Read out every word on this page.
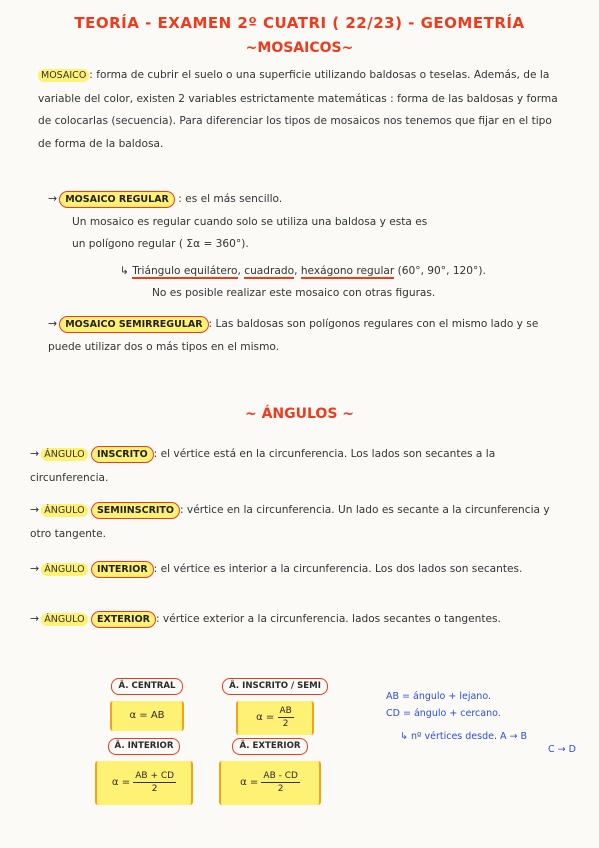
TEORÍA - EXAMEN 2º CUATRI ( 22/23) - GEOMETRÍA
~MOSAICOS~
MOSAICO : forma de cubrir el suelo o una superficie utilizando baldosas o teselas. Además, de la variable del color, existen 2 variables estrictamente matemáticas : forma de las baldosas y forma de colocarlas (secuencia). Para diferenciar los tipos de mosaicos nos tenemos que fijar en el tipo de forma de la baldosa.
→ MOSAICO REGULAR : es el más sencillo.
Un mosaico es regular cuando solo se utiliza una baldosa y esta es
un polígono regular ( Σα = 360°).
↳ Triángulo equilátero, cuadrado, hexágono regular (60°, 90°, 120°).
No es posible realizar este mosaico con otras figuras.
→ MOSAICO SEMIRREGULAR : Las baldosas son polígonos regulares con el mismo lado y se puede utilizar dos o más tipos en el mismo.
~ ÁNGULOS ~
→ ÁNGULO INSCRITO : el vértice está en la circunferencia. Los lados son secantes a la circunferencia.
→ ÁNGULO SEMIINSCRITO : vértice en la circunferencia. Un lado es secante a la circunferencia y otro tangente.
→ ÁNGULO INTERIOR : el vértice es interior a la circunferencia. Los dos lados son secantes.
→ ÁNGULO EXTERIOR : vértice exterior a la circunferencia. lados secantes o tangentes.
Â. CENTRAL
α = AB
Â. INSCRITO / SEMI
$\alpha = \frac{AB}{2}$
Â. INTERIOR
$\alpha = \frac{AB + CD}{2}$
Â. EXTERIOR
$\alpha = \frac{AB - CD}{2}$
AB = ángulo + lejano.
CD = ángulo + cercano.
↳ nº vértices desde. A → B
C → D
